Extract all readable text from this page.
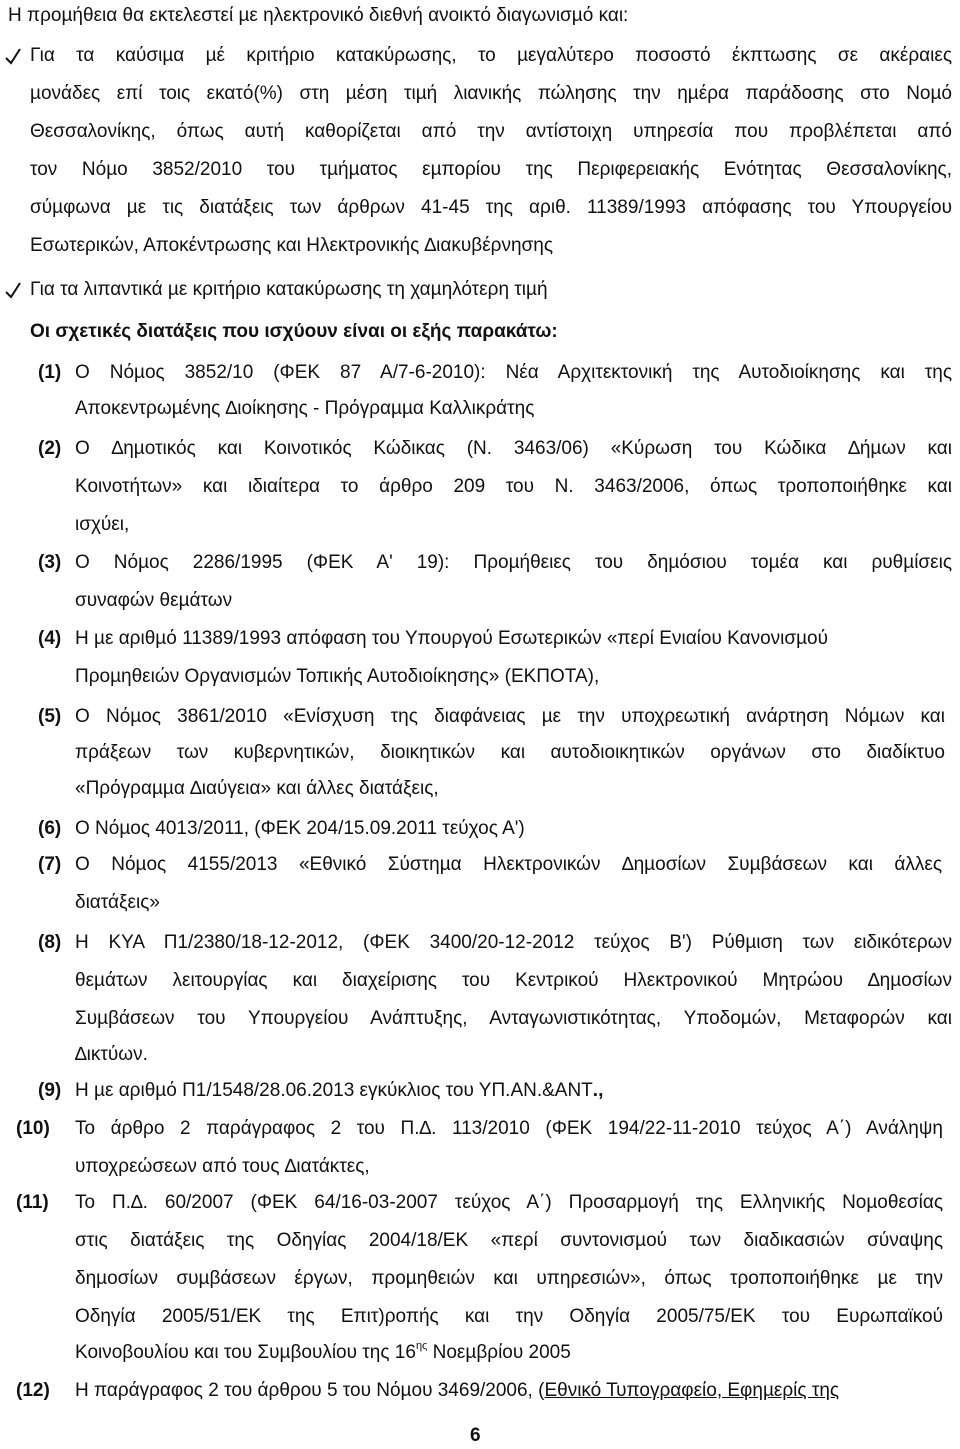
Η προµήθεια θα εκτελεστεί µε ηλεκτρονικό διεθνή ανοικτό διαγωνισµό και:
Για τα καύσιµα µέ κριτήριο κατακύρωσης, το µεγαλύτερο ποσοστό έκπτωσης σε ακέραιες
µονάδες επί τοις εκατό(%) στη µέση τιµή λιανικής πώλησης την ηµέρα παράδοσης στο Νοµό
Θεσσαλονίκης, όπως αυτή καθορίζεται από την αντίστοιχη υπηρεσία που προβλέπεται από
τον Νόµο 3852/2010 του τµήµατος εµπορίου της Περιφερειακής Ενότητας Θεσσαλονίκης,
σύµφωνα µε τις διατάξεις των άρθρων 41-45 της αριθ. 11389/1993 απόφασης του Υπουργείου
Εσωτερικών, Αποκέντρωσης και Ηλεκτρονικής ∆ιακυβέρνησης
Για τα λιπαντικά µε κριτήριο κατακύρωσης τη χαµηλότερη τιµή
Οι σχετικές διατάξεις που ισχύουν είναι οι εξής παρακάτω:
(1) Ο Νόµος 3852/10 (ΦΕΚ 87 Α/7-6-2010): Νέα Αρχιτεκτονική της Αυτοδιοίκησης και της
Αποκεντρωµένης ∆ιοίκησης - Πρόγραµµα Καλλικράτης
(2) Ο ∆ηµοτικός και Κοινοτικός Κώδικας (Ν. 3463/06) «Κύρωση του Κώδικα ∆ήµων και
Κοινοτήτων» και ιδιαίτερα το άρθρο 209 του Ν. 3463/2006, όπως τροποποιήθηκε και
ισχύει,
(3) Ο Νόµος 2286/1995 (ΦΕΚ Α' 19): Προµήθειες του δηµόσιου τοµέα και ρυθµίσεις
συναφών θεµάτων
(4) Η µε αριθµό 11389/1993 απόφαση του Υπουργού Εσωτερικών «περί Ενιαίου Κανονισµού
Προµηθειών Οργανισµών Τοπικής Αυτοδιοίκησης» (ΕΚΠΟΤΑ),
(5) Ο Νόµος 3861/2010 «Ενίσχυση της διαφάνειας µε την υποχρεωτική ανάρτηση Νόµων και
πράξεων των κυβερνητικών, διοικητικών και αυτοδιοικητικών οργάνων στο διαδίκτυο
«Πρόγραµµα ∆ιαύγεια» και άλλες διατάξεις,
(6) Ο Νόµος 4013/2011, (ΦΕΚ 204/15.09.2011 τεύχος Α')
(7) Ο Νόµος 4155/2013 «Εθνικό Σύστηµα Ηλεκτρονικών ∆ηµοσίων Συµβάσεων και άλλες
διατάξεις»
(8) Η ΚΥΑ Π1/2380/18-12-2012, (ΦΕΚ 3400/20-12-2012 τεύχος Β') Ρύθµιση των ειδικότερων
θεµάτων λειτουργίας και διαχείρισης του Κεντρικού Ηλεκτρονικού Μητρώου ∆ηµοσίων
Συµβάσεων του Υπουργείου Ανάπτυξης, Ανταγωνιστικότητας, Υποδοµών, Μεταφορών και
∆ικτύων.
(9) Η µε αριθµό Π1/1548/28.06.2013 εγκύκλιος του ΥΠ.ΑΝ.&ΑΝΤ.,
(10) Το άρθρο 2 παράγραφος 2 του Π.∆. 113/2010 (ΦΕΚ 194/22-11-2010 τεύχος Α΄) Ανάληψη
υποχρεώσεων από τους ∆ιατάκτες,
(11) Το Π.∆. 60/2007 (ΦΕΚ 64/16-03-2007 τεύχος Α΄) Προσαρµογή της Ελληνικής Νοµοθεσίας
στις διατάξεις της Οδηγίας 2004/18/ΕΚ «περί συντονισµού των διαδικασιών σύναψης
δηµοσίων συµβάσεων έργων, προµηθειών και υπηρεσιών», όπως τροποποιήθηκε µε την
Οδηγία 2005/51/ΕΚ της Επιτ)ροπής και την Οδηγία 2005/75/ΕΚ του Ευρωπαϊκού
Κοινοβουλίου και του Συµβουλίου της $16^{\eta\varsigma}$ Νοεµβρίου 2005
(12) Η παράγραφος 2 του άρθρου 5 του Νόµου 3469/2006, (Εθνικό Τυπογραφείο, Εφηµερίς της
6
